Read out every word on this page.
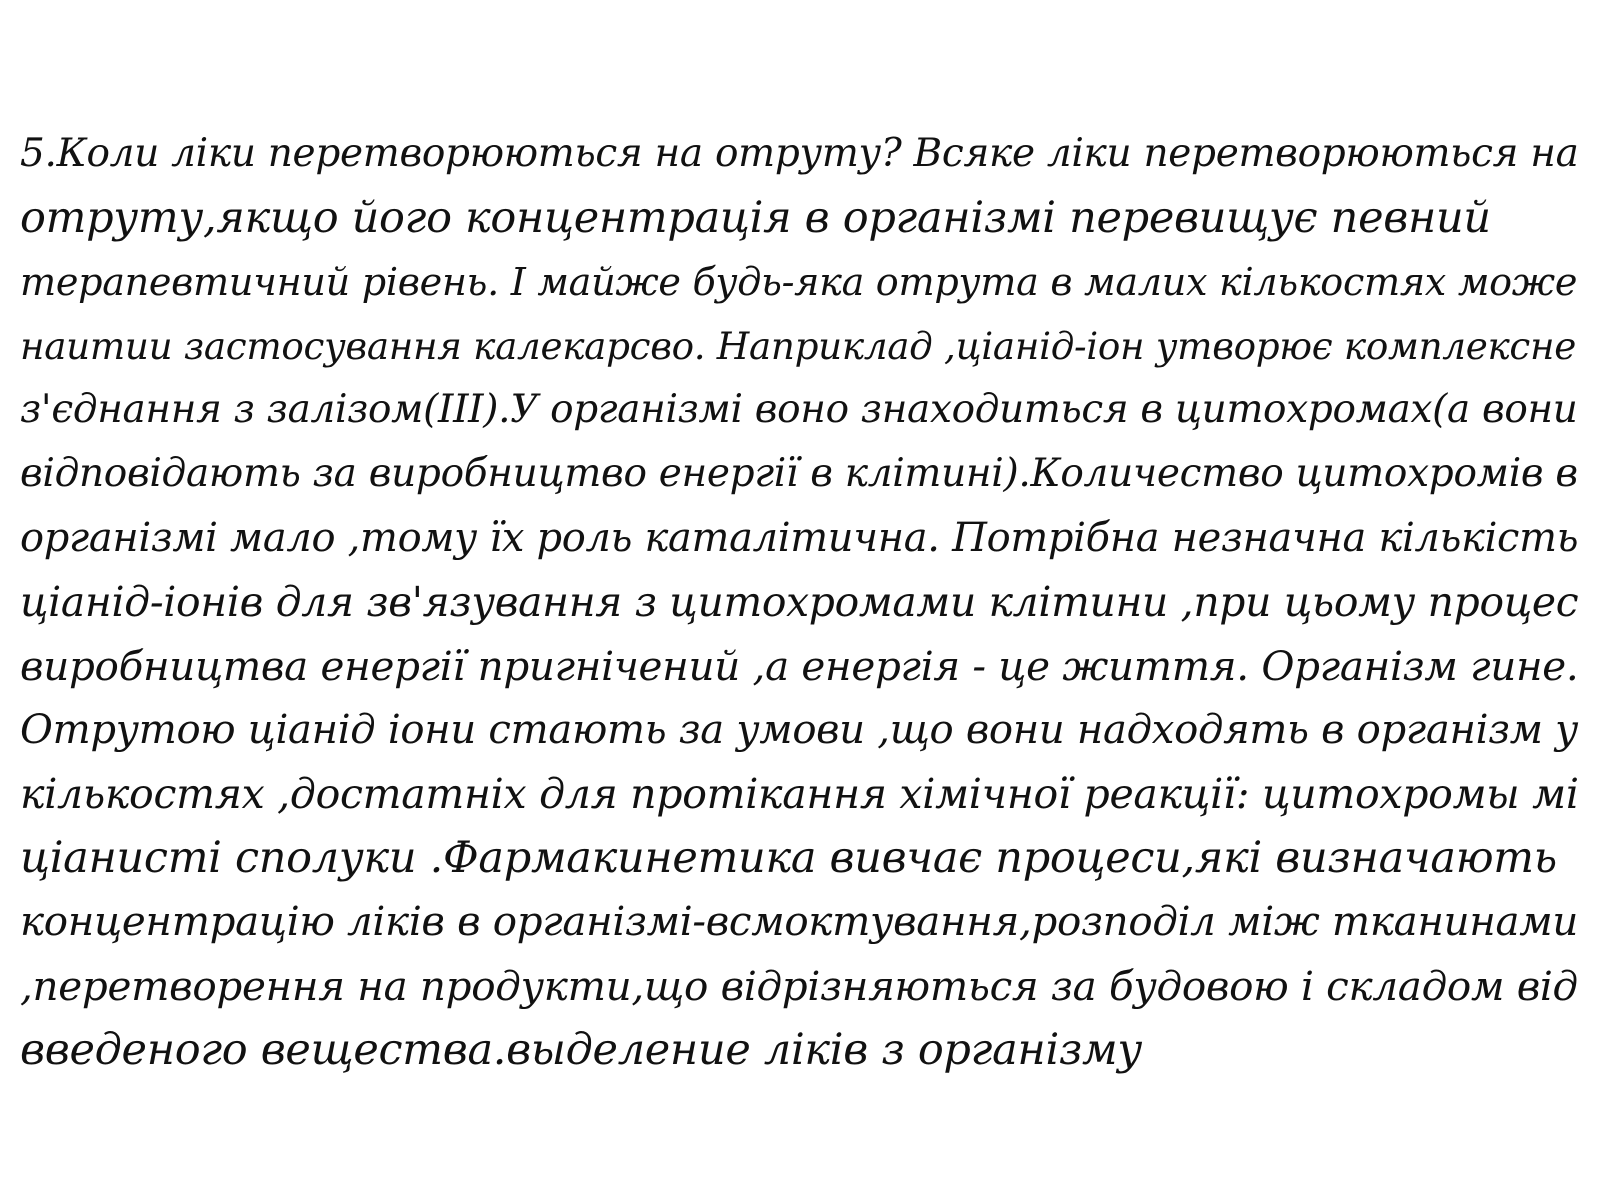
5.Коли ліки перетворюються на отруту? Всяке ліки перетворюються на
отруту,якщо його концентрація в організмі перевищує певний
терапевтичний рівень. І майже будь-яка отрута в малих кількостях може
наитии застосування калекарсво. Наприклад ,ціанід-іон утворює комплексне
з'єднання з залізом(III).У організмі воно знаходиться в цитохромах(а вони
відповідають за виробництво енергії в клітині).Количество цитохромів в
організмі мало ,тому їх роль каталітична. Потрібна незначна кількість
ціанід-іонів для зв'язування з цитохромами клітини ,при цьому процес
виробництва енергії пригнічений ,а енергія - це життя. Організм гине.
Отрутою ціанід іони стають за умови ,що вони надходять в організм у
кількостях ,достатніх для протікання хімічної реакції: цитохромы мі
ціанисті сполуки .Фармакинетика вивчає процеси,які визначають
концентрацію ліків в організмі-всмоктування,розподіл між тканинами
,перетворення на продукти,що відрізняються за будовою і складом від
введеного вещества.выделение ліків з організму
